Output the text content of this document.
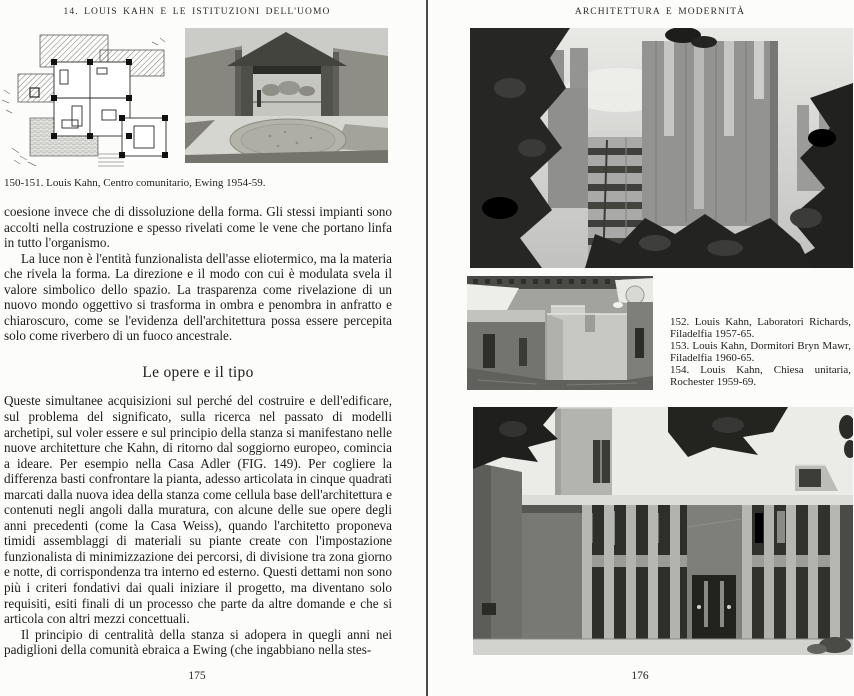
14. LOUIS KAHN E LE ISTITUZIONI DELL'UOMO
150-151. Louis Kahn, Centro comunitario, Ewing 1954-59.

coesione invece che di dissoluzione della forma. Gli stessi impianti sono accolti nella costruzione e spesso rivelati come le vene che portano linfa in tutto l'organismo.

La luce non è l'entità funzionalista dell'asse eliotermico, ma la materia che rivela la forma. La direzione e il modo con cui è modulata svela il valore simbolico dello spazio. La trasparenza come rivelazione di un nuovo mondo oggettivo si trasforma in ombra e penombra in anfratto e chiaroscuro, come se l'evidenza dell'architettura possa essere percepita solo come riverbero di un fuoco ancestrale.

Le opere e il tipo

Queste simultanee acquisizioni sul perché del costruire e dell'edificare, sul problema del significato, sulla ricerca nel passato di modelli archetipi, sul voler essere e sul principio della stanza si manifestano nelle nuove architetture che Kahn, di ritorno dal soggiorno europeo, comincia a ideare. Per esempio nella Casa Adler (FIG. 149). Per cogliere la differenza basti confrontare la pianta, adesso articolata in cinque quadrati marcati dalla nuova idea della stanza come cellula base dell'architettura e contenuti negli angoli dalla muratura, con alcune delle sue opere degli anni precedenti (come la Casa Weiss), quando l'architetto proponeva timidi assemblaggi di materiali su piante create con l'impostazione funzionalista di minimizzazione dei percorsi, di divisione tra zona giorno e notte, di corrispondenza tra interno ed esterno. Questi dettami non sono più i criteri fondativi dai quali iniziare il progetto, ma diventano solo requisiti, esiti finali di un processo che parte da altre domande e che si articola con altri mezzi concettuali.

Il principio di centralità della stanza si adopera in quegli anni nei padiglioni della comunità ebraica a Ewing (che ingabbiano nella stes-

175
ARCHITETTURA E MODERNITÀ

152. Louis Kahn, Laboratori Richards, Filadelfia 1957-65.

153. Louis Kahn, Dormitori Bryn Mawr, Filadelfia 1960-65.

154. Louis Kahn, Chiesa unitaria, Rochester 1959-69.

176
